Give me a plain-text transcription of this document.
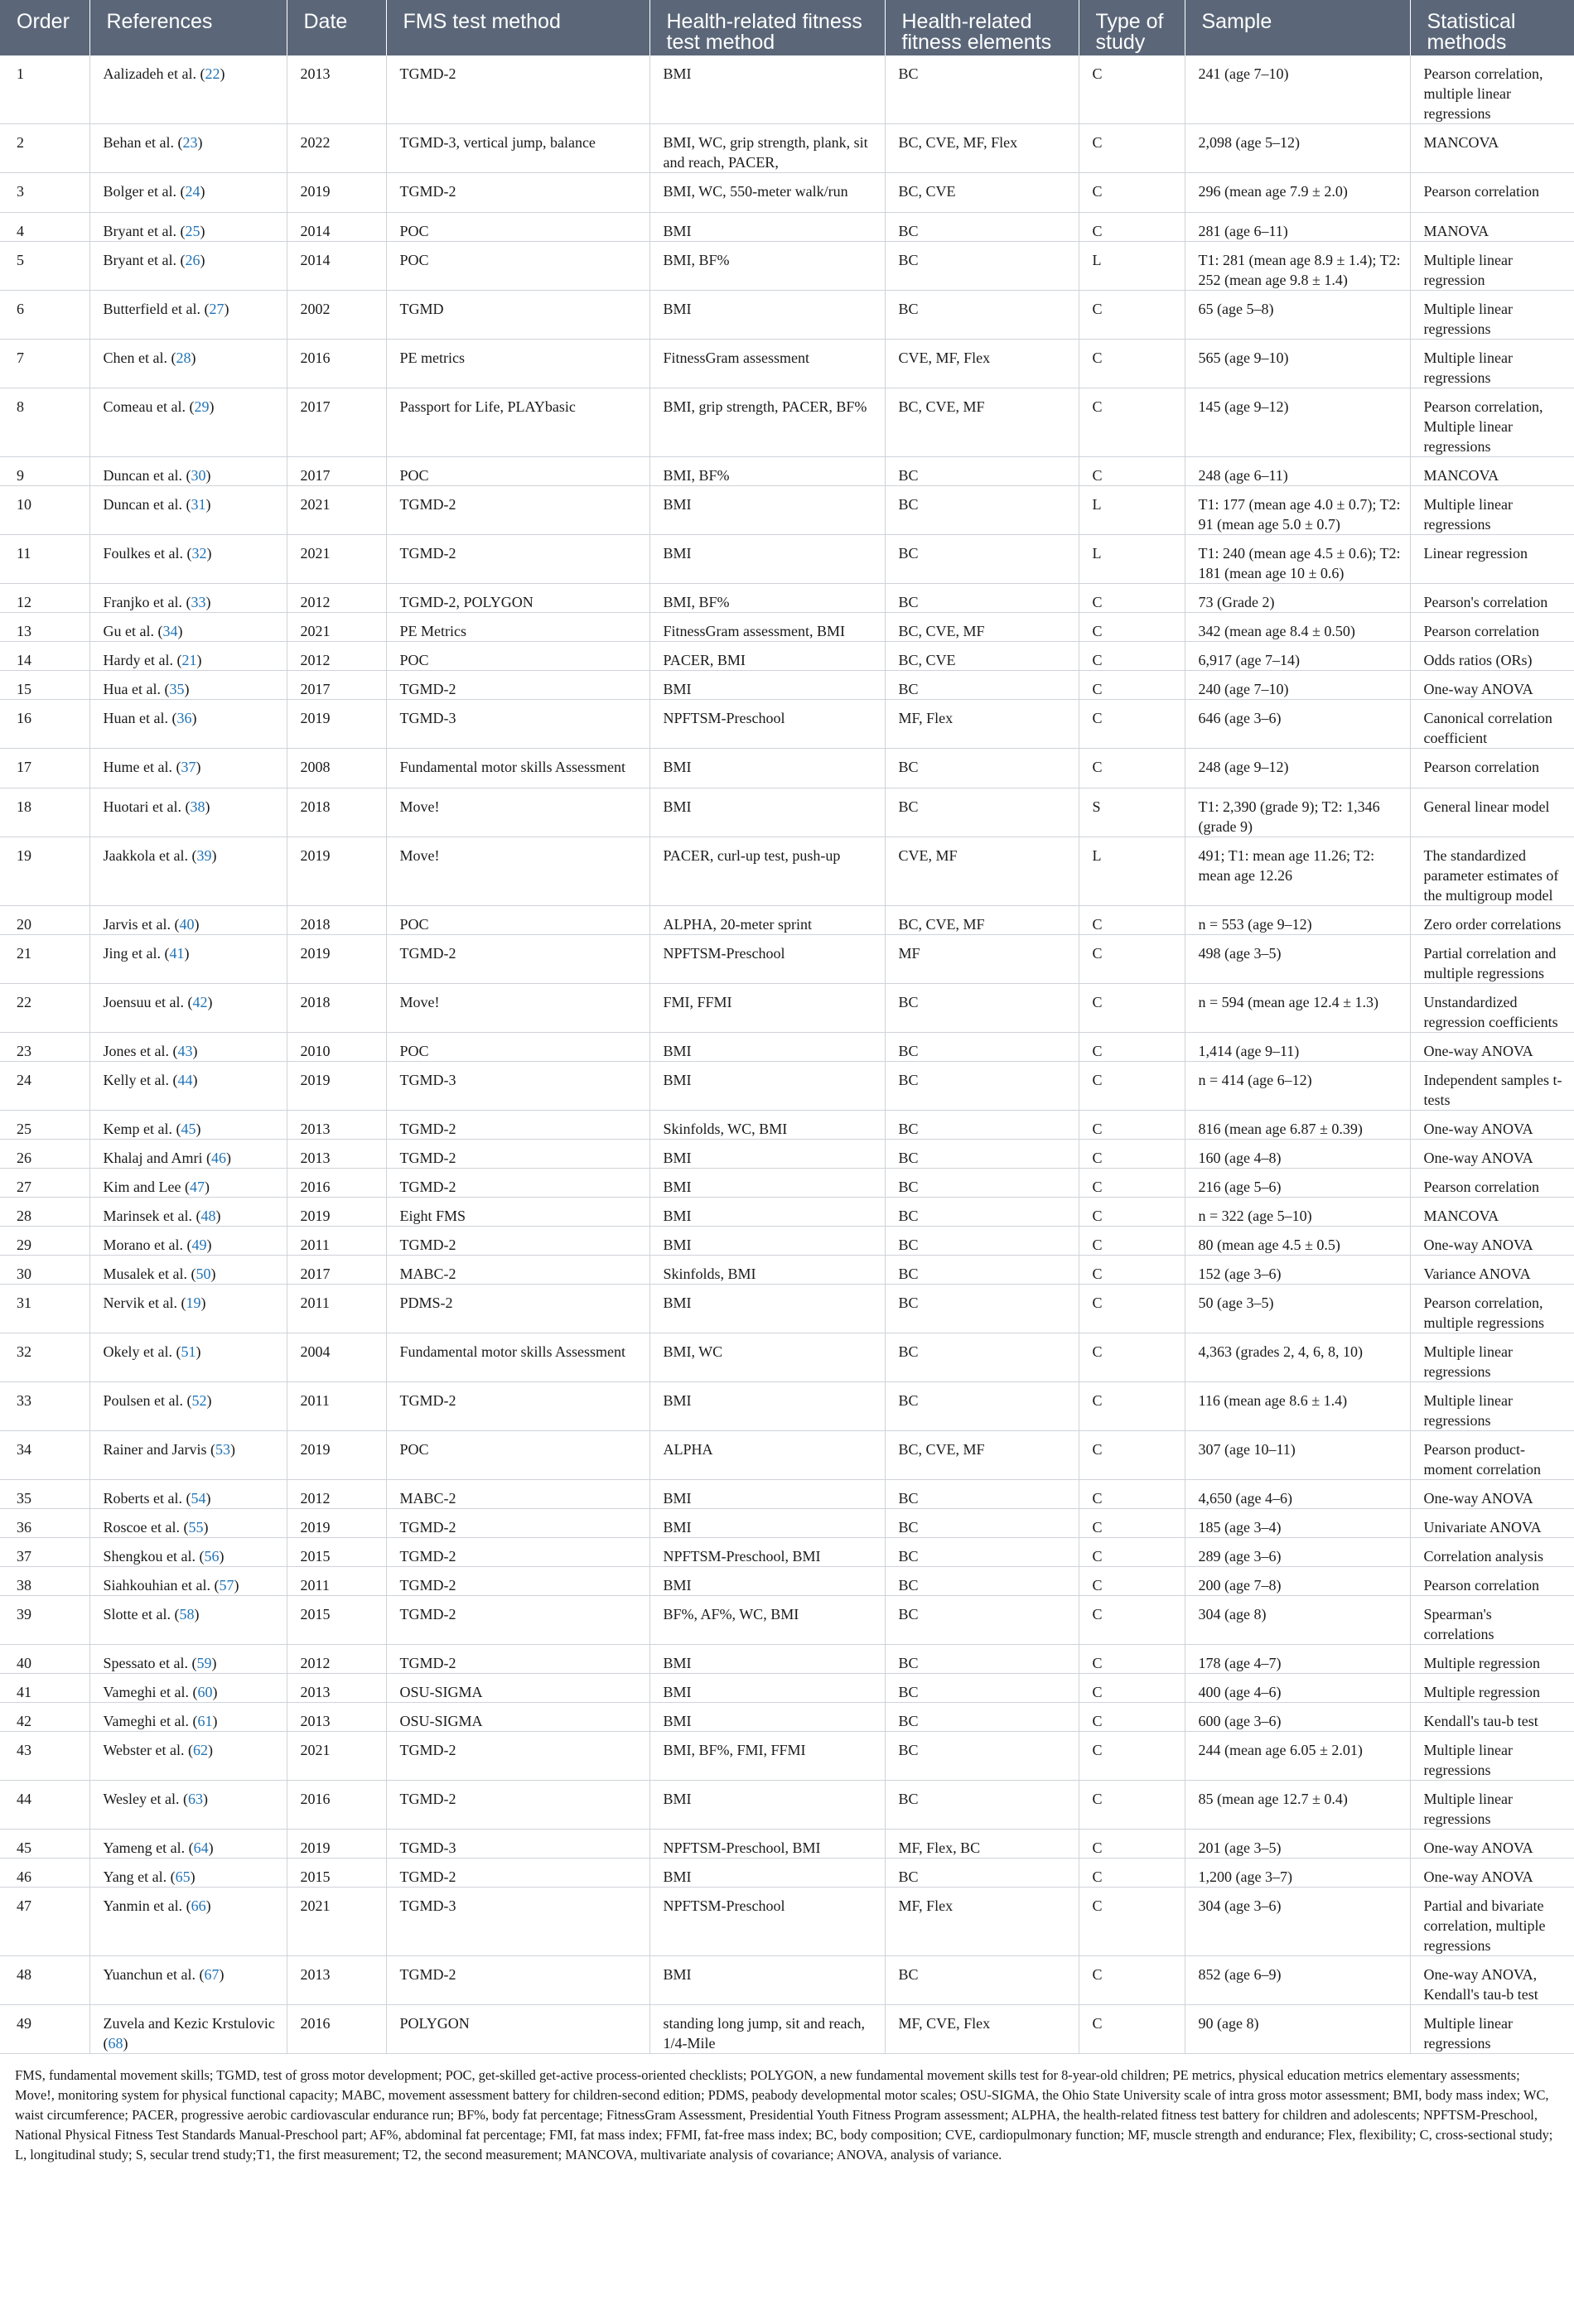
Order	References	Date	FMS test method	Health-related fitness test method	Health-related fitness elements	Type of study	Sample	Statistical methods
1	Aalizadeh et al. (22)	2013	TGMD-2	BMI	BC	C	241 (age 7–10)	Pearson correlation, multiple linear regressions
2	Behan et al. (23)	2022	TGMD-3, vertical jump, balance	BMI, WC, grip strength, plank, sit and reach, PACER,	BC, CVE, MF, Flex	C	2,098 (age 5–12)	MANCOVA
3	Bolger et al. (24)	2019	TGMD-2	BMI, WC, 550-meter walk/run	BC, CVE	C	296 (mean age 7.9 ± 2.0)	Pearson correlation
4	Bryant et al. (25)	2014	POC	BMI	BC	C	281 (age 6–11)	MANOVA
5	Bryant et al. (26)	2014	POC	BMI, BF%	BC	L	T1: 281 (mean age 8.9 ± 1.4); T2: 252 (mean age 9.8 ± 1.4)	Multiple linear regression
6	Butterfield et al. (27)	2002	TGMD	BMI	BC	C	65 (age 5–8)	Multiple linear regressions
7	Chen et al. (28)	2016	PE metrics	FitnessGram assessment	CVE, MF, Flex	C	565 (age 9–10)	Multiple linear regressions
8	Comeau et al. (29)	2017	Passport for Life, PLAYbasic	BMI, grip strength, PACER, BF%	BC, CVE, MF	C	145 (age 9–12)	Pearson correlation, Multiple linear regressions
9	Duncan et al. (30)	2017	POC	BMI, BF%	BC	C	248 (age 6–11)	MANCOVA
10	Duncan et al. (31)	2021	TGMD-2	BMI	BC	L	T1: 177 (mean age 4.0 ± 0.7); T2: 91 (mean age 5.0 ± 0.7)	Multiple linear regressions
11	Foulkes et al. (32)	2021	TGMD-2	BMI	BC	L	T1: 240 (mean age 4.5 ± 0.6); T2: 181 (mean age 10 ± 0.6)	Linear regression
12	Franjko et al. (33)	2012	TGMD-2, POLYGON	BMI, BF%	BC	C	73 (Grade 2)	Pearson's correlation
13	Gu et al. (34)	2021	PE Metrics	FitnessGram assessment, BMI	BC, CVE, MF	C	342 (mean age 8.4 ± 0.50)	Pearson correlation
14	Hardy et al. (21)	2012	POC	PACER, BMI	BC, CVE	C	6,917 (age 7–14)	Odds ratios (ORs)
15	Hua et al. (35)	2017	TGMD-2	BMI	BC	C	240 (age 7–10)	One-way ANOVA
16	Huan et al. (36)	2019	TGMD-3	NPFTSM-Preschool	MF, Flex	C	646 (age 3–6)	Canonical correlation coefficient
17	Hume et al. (37)	2008	Fundamental motor skills Assessment	BMI	BC	C	248 (age 9–12)	Pearson correlation
18	Huotari et al. (38)	2018	Move!	BMI	BC	S	T1: 2,390 (grade 9); T2: 1,346 (grade 9)	General linear model
19	Jaakkola et al. (39)	2019	Move!	PACER, curl-up test, push-up	CVE, MF	L	491; T1: mean age 11.26; T2: mean age 12.26	The standardized parameter estimates of the multigroup model
20	Jarvis et al. (40)	2018	POC	ALPHA, 20-meter sprint	BC, CVE, MF	C	n = 553 (age 9–12)	Zero order correlations
21	Jing et al. (41)	2019	TGMD-2	NPFTSM-Preschool	MF	C	498 (age 3–5)	Partial correlation and multiple regressions
22	Joensuu et al. (42)	2018	Move!	FMI, FFMI	BC	C	n = 594 (mean age 12.4 ± 1.3)	Unstandardized regression coefficients
23	Jones et al. (43)	2010	POC	BMI	BC	C	1,414 (age 9–11)	One-way ANOVA
24	Kelly et al. (44)	2019	TGMD-3	BMI	BC	C	n = 414 (age 6–12)	Independent samples t-tests
25	Kemp et al. (45)	2013	TGMD-2	Skinfolds, WC, BMI	BC	C	816 (mean age 6.87 ± 0.39)	One-way ANOVA
26	Khalaj and Amri (46)	2013	TGMD-2	BMI	BC	C	160 (age 4–8)	One-way ANOVA
27	Kim and Lee (47)	2016	TGMD-2	BMI	BC	C	216 (age 5–6)	Pearson correlation
28	Marinsek et al. (48)	2019	Eight FMS	BMI	BC	C	n = 322 (age 5–10)	MANCOVA
29	Morano et al. (49)	2011	TGMD-2	BMI	BC	C	80 (mean age 4.5 ± 0.5)	One-way ANOVA
30	Musalek et al. (50)	2017	MABC-2	Skinfolds, BMI	BC	C	152 (age 3–6)	Variance ANOVA
31	Nervik et al. (19)	2011	PDMS-2	BMI	BC	C	50 (age 3–5)	Pearson correlation, multiple regressions
32	Okely et al. (51)	2004	Fundamental motor skills Assessment	BMI, WC	BC	C	4,363 (grades 2, 4, 6, 8, 10)	Multiple linear regressions
33	Poulsen et al. (52)	2011	TGMD-2	BMI	BC	C	116 (mean age 8.6 ± 1.4)	Multiple linear regressions
34	Rainer and Jarvis (53)	2019	POC	ALPHA	BC, CVE, MF	C	307 (age 10–11)	Pearson product-moment correlation
35	Roberts et al. (54)	2012	MABC-2	BMI	BC	C	4,650 (age 4–6)	One-way ANOVA
36	Roscoe et al. (55)	2019	TGMD-2	BMI	BC	C	185 (age 3–4)	Univariate ANOVA
37	Shengkou et al. (56)	2015	TGMD-2	NPFTSM-Preschool, BMI	BC	C	289 (age 3–6)	Correlation analysis
38	Siahkouhian et al. (57)	2011	TGMD-2	BMI	BC	C	200 (age 7–8)	Pearson correlation
39	Slotte et al. (58)	2015	TGMD-2	BF%, AF%, WC, BMI	BC	C	304 (age 8)	Spearman's correlations
40	Spessato et al. (59)	2012	TGMD-2	BMI	BC	C	178 (age 4–7)	Multiple regression
41	Vameghi et al. (60)	2013	OSU-SIGMA	BMI	BC	C	400 (age 4–6)	Multiple regression
42	Vameghi et al. (61)	2013	OSU-SIGMA	BMI	BC	C	600 (age 3–6)	Kendall's tau-b test
43	Webster et al. (62)	2021	TGMD-2	BMI, BF%, FMI, FFMI	BC	C	244 (mean age 6.05 ± 2.01)	Multiple linear regressions
44	Wesley et al. (63)	2016	TGMD-2	BMI	BC	C	85 (mean age 12.7 ± 0.4)	Multiple linear regressions
45	Yameng et al. (64)	2019	TGMD-3	NPFTSM-Preschool, BMI	MF, Flex, BC	C	201 (age 3–5)	One-way ANOVA
46	Yang et al. (65)	2015	TGMD-2	BMI	BC	C	1,200 (age 3–7)	One-way ANOVA
47	Yanmin et al. (66)	2021	TGMD-3	NPFTSM-Preschool	MF, Flex	C	304 (age 3–6)	Partial and bivariate correlation, multiple regressions
48	Yuanchun et al. (67)	2013	TGMD-2	BMI	BC	C	852 (age 6–9)	One-way ANOVA, Kendall's tau-b test
49	Zuvela and Kezic Krstulovic (68)	2016	POLYGON	standing long jump, sit and reach, 1/4-Mile	MF, CVE, Flex	C	90 (age 8)	Multiple linear regressions
FMS, fundamental movement skills; TGMD, test of gross motor development; POC, get-skilled get-active process-oriented checklists; POLYGON, a new fundamental movement skills test for 8-year-old children; PE metrics, physical education metrics elementary assessments; Move!, monitoring system for physical functional capacity; MABC, movement assessment battery for children-second edition; PDMS, peabody developmental motor scales; OSU-SIGMA, the Ohio State University scale of intra gross motor assessment; BMI, body mass index; WC, waist circumference; PACER, progressive aerobic cardiovascular endurance run; BF%, body fat percentage; FitnessGram Assessment, Presidential Youth Fitness Program assessment; ALPHA, the health-related fitness test battery for children and adolescents; NPFTSM-Preschool, National Physical Fitness Test Standards Manual-Preschool part; AF%, abdominal fat percentage; FMI, fat mass index; FFMI, fat-free mass index; BC, body composition; CVE, cardiopulmonary function; MF, muscle strength and endurance; Flex, flexibility; C, cross-sectional study; L, longitudinal study; S, secular trend study;T1, the first measurement; T2, the second measurement; MANCOVA, multivariate analysis of covariance; ANOVA, analysis of variance.
